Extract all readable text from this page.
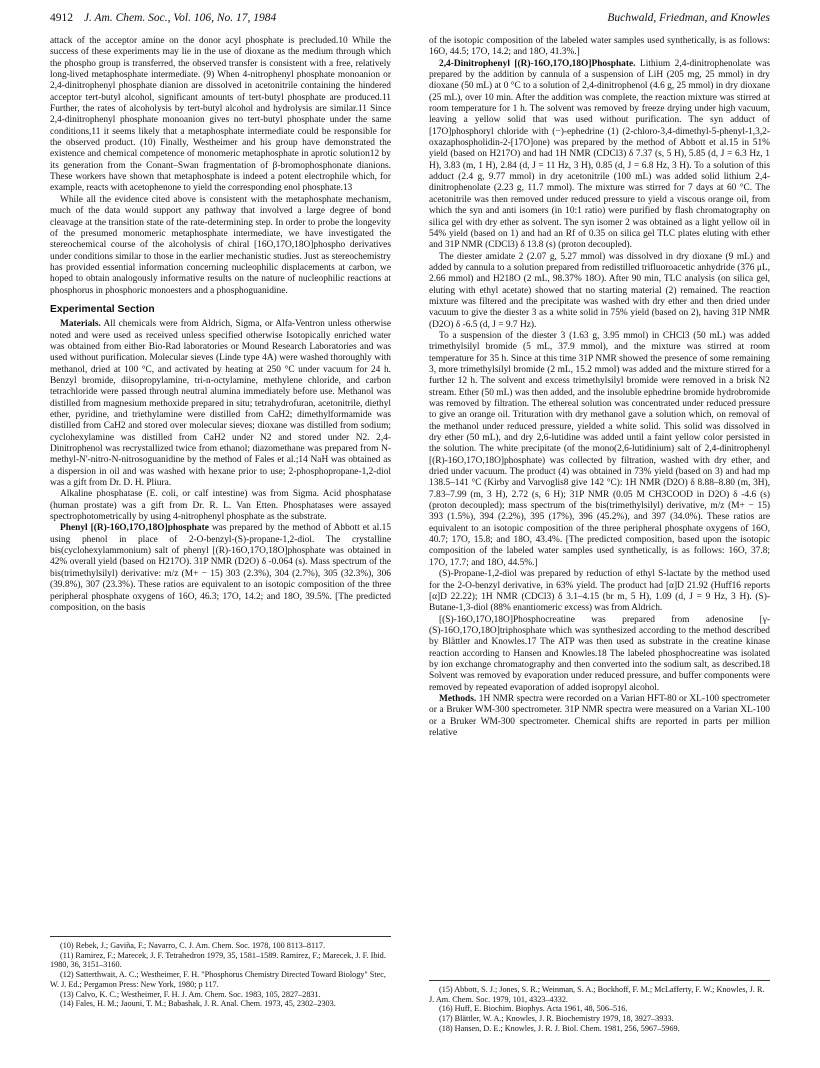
4912 J. Am. Chem. Soc., Vol. 106, No. 17, 1984	Buchwald, Friedman, and Knowles

attack of the acceptor amine on the donor acyl phosphate is precluded.10 While the success of these experiments may lie in the use of dioxane as the medium through which the phospho group is transferred, the observed transfer is consistent with a free, relatively long-lived metaphosphate intermediate. (9) When 4-nitrophenyl phosphate monoanion or 2,4-dinitrophenyl phosphate dianion are dissolved in acetonitrile containing the hindered acceptor tert-butyl alcohol, significant amounts of tert-butyl phosphate are produced.11 Further, the rates of alcoholysis by tert-butyl alcohol and hydrolysis are similar.11 Since 2,4-dinitrophenyl phosphate monoanion gives no tert-butyl phosphate under the same conditions,11 it seems likely that a metaphosphate intermediate could be responsible for the observed product. (10) Finally, Westheimer and his group have demonstrated the existence and chemical competence of monomeric metaphosphate in aprotic solution12 by its generation from the Conant–Swan fragmentation of β-bromophosphonate dianions. These workers have shown that metaphosphate is indeed a potent electrophile which, for example, reacts with acetophenone to yield the corresponding enol phosphate.13

While all the evidence cited above is consistent with the metaphosphate mechanism, much of the data would support any pathway that involved a large degree of bond cleavage at the transition state of the rate-determining step. In order to probe the longevity of the presumed monomeric metaphosphate intermediate, we have investigated the stereochemical course of the alcoholysis of chiral [16O,17O,18O]phospho derivatives under conditions similar to those in the earlier mechanistic studies. Just as stereochemistry has provided essential information concerning nucleophilic displacements at carbon, we hoped to obtain analogously informative results on the nature of nucleophilic reactions at phosphorus in phosphoric monoesters and a phosphoguanidine.

Experimental Section

Materials. All chemicals were from Aldrich, Sigma, or Alfa-Ventron unless otherwise noted and were used as received unless specified otherwise Isotopically enriched water was obtained from either Bio-Rad laboratories or Mound Research Laboratories and was used without purification. Molecular sieves (Linde type 4A) were washed thoroughly with methanol, dried at 100 °C, and activated by heating at 250 °C under vacuum for 24 h. Benzyl bromide, diisopropylamine, tri-n-octylamine, methylene chloride, and carbon tetrachloride were passed through neutral alumina immediately before use. Methanol was distilled from magnesium methoxide prepared in situ; tetrahydrofuran, acetonitrile, diethyl ether, pyridine, and triethylamine were distilled from CaH2; dimethylformamide was distilled from CaH2 and stored over molecular sieves; dioxane was distilled from sodium; cyclohexylamine was distilled from CaH2 under N2 and stored under N2. 2,4-Dinitrophenol was recrystallized twice from ethanol; diazomethane was prepared from N-methyl-N'-nitro-N-nitrosoguanidine by the method of Fales et al.;14 NaH was obtained as a dispersion in oil and was washed with hexane prior to use; 2-phosphopropane-1,2-diol was a gift from Dr. D. H. Pliura.

Alkaline phosphatase (E. coli, or calf intestine) was from Sigma. Acid phosphatase (human prostate) was a gift from Dr. R. L. Van Etten. Phosphatases were assayed spectrophotometrically by using 4-nitrophenyl phosphate as the substrate.

Phenyl [(R)-16O,17O,18O]phosphate was prepared by the method of Abbott et al.15 using phenol in place of 2-O-benzyl-(S)-propane-1,2-diol. The crystalline bis(cyclohexylammonium) salt of phenyl [(R)-16O,17O,18O]phosphate was obtained in 42% overall yield (based on H217O). 31P NMR (D2O) δ -0.064 (s). Mass spectrum of the bis(trimethylsilyl) derivative: m/z (M+ − 15) 303 (2.3%), 304 (2.7%), 305 (32.3%), 306 (39.8%), 307 (23.3%). These ratios are equivalent to an isotopic composition of the three peripheral phosphate oxygens of 16O, 46.3; 17O, 14.2; and 18O, 39.5%. [The predicted composition, on the basis

(10) Rebek, J.; Gaviña, F.; Navarro, C. J. Am. Chem. Soc. 1978, 100 8113–8117.

(11) Ramirez, F.; Marecek, J. F. Tetrahedron 1979, 35, 1581–1589. Ramirez, F.; Marecek, J. F. Ibid. 1980, 36, 3151–3160.

(12) Satterthwait, A. C.; Westheimer, F. H. "Phosphorus Chemistry Directed Toward Biology" Stec, W. J. Ed.; Pergamon Press: New York, 1980; p 117.

(13) Calvo, K. C.; Westheimer, F. H. J. Am. Chem. Soc. 1983, 105, 2827–2831.

(14) Fales, H. M.; Jaouni, T. M.; Babashak, J. R. Anal. Chem. 1973, 45, 2302–2303.

of the isotopic composition of the labeled water samples used synthetically, is as follows: 16O, 44.5; 17O, 14.2; and 18O, 41.3%.]

2,4-Dinitrophenyl [(R)-16O,17O,18O]Phosphate. Lithium 2,4-dinitrophenolate was prepared by the addition by cannula of a suspension of LiH (205 mg, 25 mmol) in dry dioxane (50 mL) at 0 °C to a solution of 2,4-dinitrophenol (4.6 g, 25 mmol) in dry dioxane (25 mL), over 10 min. After the addition was complete, the reaction mixture was stirred at room temperature for 1 h. The solvent was removed by freeze drying under high vacuum, leaving a yellow solid that was used without purification. The syn adduct of [17O]phosphoryl chloride with (−)-ephedrine (1) (2-chloro-3,4-dimethyl-5-phenyl-1,3,2-oxazaphospholidin-2-[17O]one) was prepared by the method of Abbott et al.15 in 51% yield (based on H217O) and had 1H NMR (CDCl3) δ 7.37 (s, 5 H), 5.85 (d, J = 6.3 Hz, 1 H), 3.83 (m, 1 H), 2.84 (d, J = 11 Hz, 3 H), 0.85 (d, J = 6.8 Hz, 3 H). To a solution of this adduct (2.4 g, 9.77 mmol) in dry acetonitrile (100 mL) was added solid lithium 2,4-dinitrophenolate (2.23 g, 11.7 mmol). The mixture was stirred for 7 days at 60 °C. The acetonitrile was then removed under reduced pressure to yield a viscous orange oil, from which the syn and anti isomers (in 10:1 ratio) were purified by flash chromatography on silica gel with dry ether as solvent. The syn isomer 2 was obtained as a light yellow oil in 54% yield (based on 1) and had an Rf of 0.35 on silica gel TLC plates eluting with ether and 31P NMR (CDCl3) δ 13.8 (s) (proton decoupled).

The diester amidate 2 (2.07 g, 5.27 mmol) was dissolved in dry dioxane (9 mL) and added by cannula to a solution prepared from redistilled trifluoroacetic anhydride (376 μL, 2.66 mmol) and H218O (2 mL, 98.37% 18O). After 90 min, TLC analysis (on silica gel, eluting with ethyl acetate) showed that no starting material (2) remained. The reaction mixture was filtered and the precipitate was washed with dry ether and then dried under vacuum to give the diester 3 as a white solid in 75% yield (based on 2), having 31P NMR (D2O) δ -6.5 (d, J = 9.7 Hz).

To a suspension of the diester 3 (1.63 g, 3.95 mmol) in CHCl3 (50 mL) was added trimethylsilyl bromide (5 mL, 37.9 mmol), and the mixture was stirred at room temperature for 35 h. Since at this time 31P NMR showed the presence of some remaining 3, more trimethylsilyl bromide (2 mL, 15.2 mmol) was added and the mixture stirred for a further 12 h. The solvent and excess trimethylsilyl bromide were removed in a brisk N2 stream. Ether (50 mL) was then added, and the insoluble ephedrine bromide hydrobromide was removed by filtration. The ethereal solution was concentrated under reduced pressure to give an orange oil. Trituration with dry methanol gave a solution which, on removal of the methanol under reduced pressure, yielded a white solid. This solid was dissolved in dry ether (50 mL), and dry 2,6-lutidine was added until a faint yellow color persisted in the solution. The white precipitate (of the mono(2,6-lutidinium) salt of 2,4-dinitrophenyl [(R)-16O,17O,18O]phosphate) was collected by filtration, washed with dry ether, and dried under vacuum. The product (4) was obtained in 73% yield (based on 3) and had mp 138.5–141 °C (Kirby and Varvoglis8 give 142 °C): 1H NMR (D2O) δ 8.88–8.80 (m, 3H), 7.83–7.99 (m, 3 H), 2.72 (s, 6 H); 31P NMR (0.05 M CH3COOD in D2O) δ -4.6 (s) (proton decoupled); mass spectrum of the bis(trimethylsilyl) derivative, m/z (M+ − 15) 393 (1.5%), 394 (2.2%), 395 (17%), 396 (45.2%), and 397 (34.0%). These ratios are equivalent to an isotopic composition of the three peripheral phosphate oxygens of 16O, 40.7; 17O, 15.8; and 18O, 43.4%. [The predicted composition, based upon the isotopic composition of the labeled water samples used synthetically, is as follows: 16O, 37.8; 17O, 17.7; and 18O, 44.5%.]

(S)-Propane-1,2-diol was prepared by reduction of ethyl S-lactate by the method used for the 2-O-benzyl derivative, in 63% yield. The product had [α]D 21.92 (Huff16 reports [α]D 22.22); 1H NMR (CDCl3) δ 3.1–4.15 (br m, 5 H), 1.09 (d, J = 9 Hz, 3 H). (S)-Butane-1,3-diol (88% enantiomeric excess) was from Aldrich.

[(S)-16O,17O,18O]Phosphocreatine was prepared from adenosine [γ-(S)-16O,17O,18O]triphosphate which was synthesized according to the method described by Blättler and Knowles.17 The ATP was then used as substrate in the creatine kinase reaction according to Hansen and Knowles.18 The labeled phosphocreatine was isolated by ion exchange chromatography and then converted into the sodium salt, as described.18 Solvent was removed by evaporation under reduced pressure, and buffer components were removed by repeated evaporation of added isopropyl alcohol.

Methods. 1H NMR spectra were recorded on a Varian HFT-80 or XL-100 spectrometer or a Bruker WM-300 spectrometer. 31P NMR spectra were measured on a Varian XL-100 or a Bruker WM-300 spectrometer. Chemical shifts are reported in parts per million relative

(15) Abbott, S. J.; Jones, S. R.; Weinman, S. A.; Bockhoff, F. M.; McLafferty, F. W.; Knowles, J. R. J. Am. Chem. Soc. 1979, 101, 4323–4332.

(16) Huff, E. Biochim. Biophys. Acta 1961, 48, 506–516.

(17) Blättler, W. A.; Knowles, J. R. Biochemistry 1979, 18, 3927–3933.

(18) Hansen, D. E.; Knowles, J. R. J. Biol. Chem. 1981, 256, 5967–5969.
